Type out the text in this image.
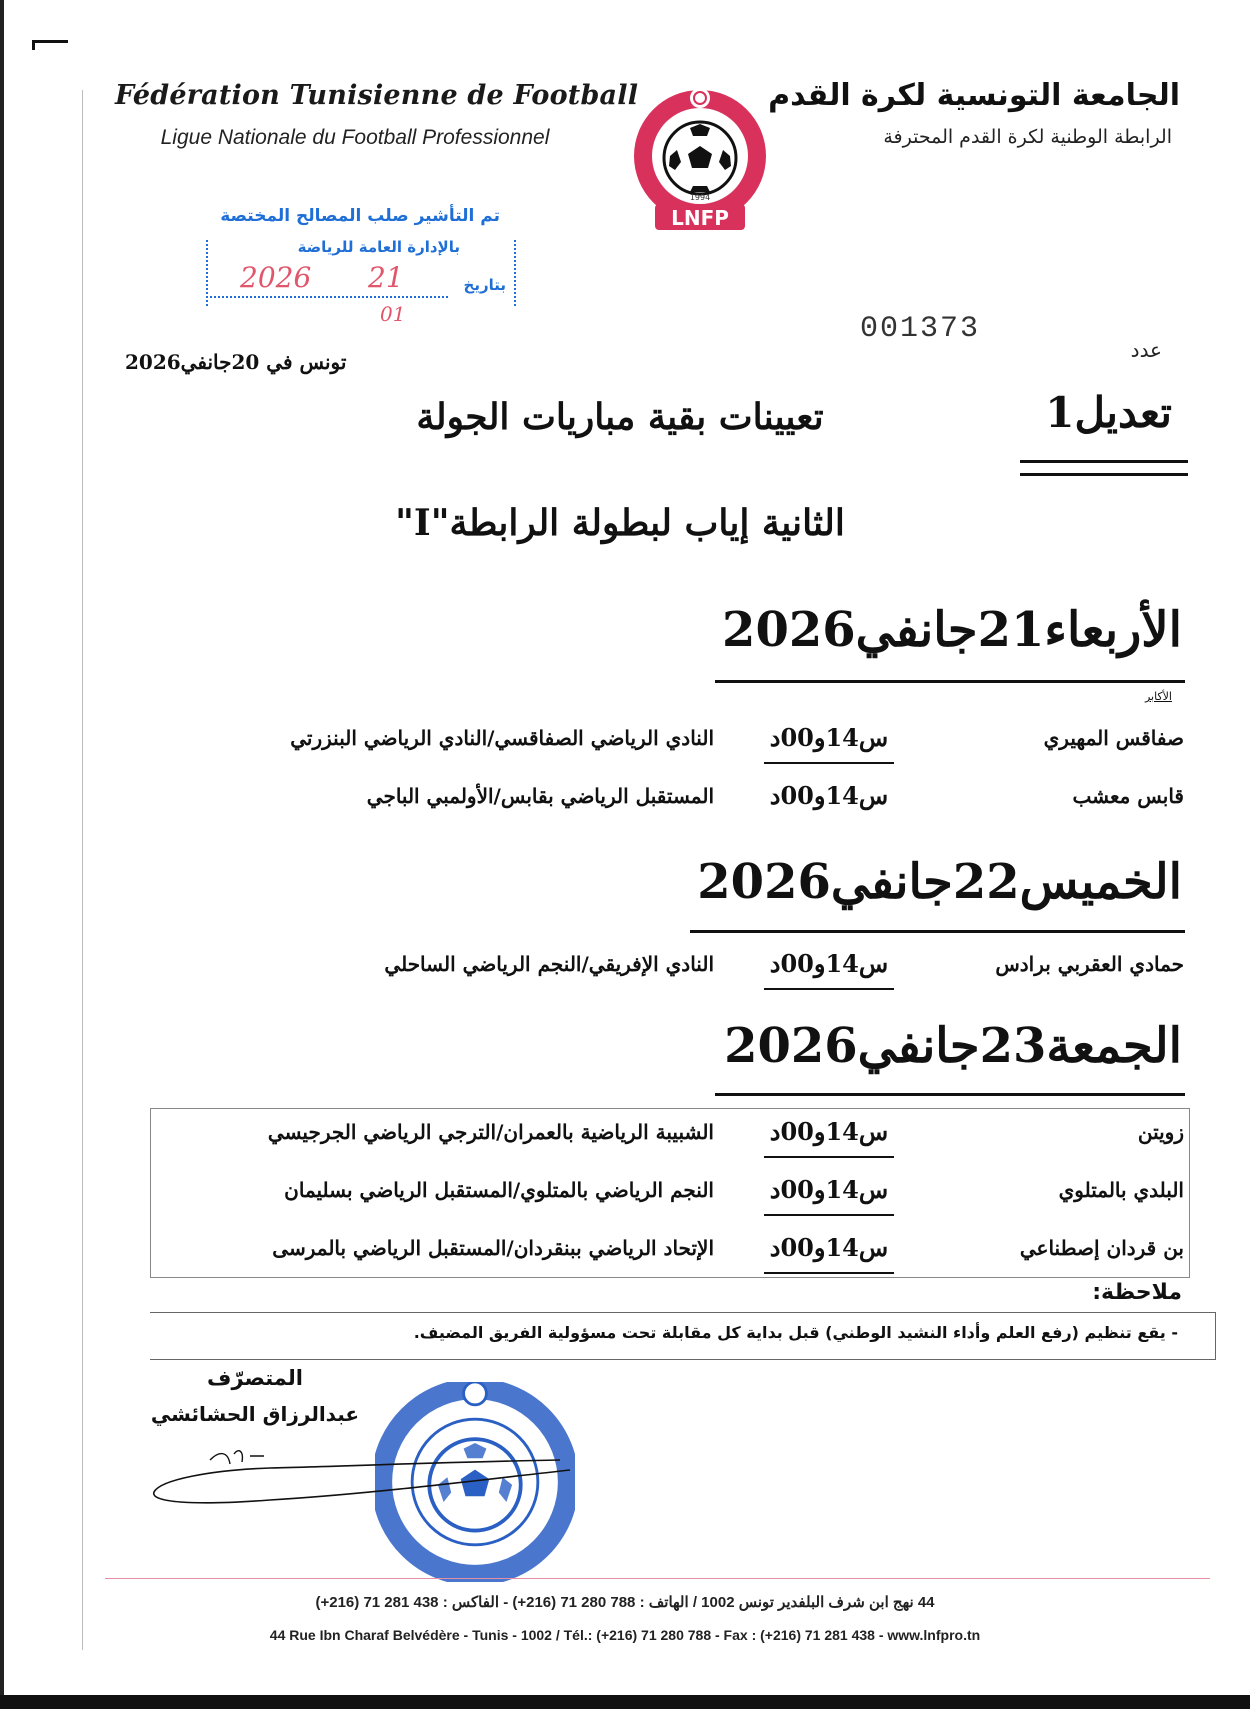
Fédération Tunisienne de Football
Ligue Nationale du Football Professionnel
1994
LNFP
الجامعة التونسية لكرة القدم
الرابطة الوطنية لكرة القدم المحترفة
تم التأشير صلب المصالح المختصة
بالإدارة العامة للرياضة
بتاريخ
2026 21
01	001373
عدد
تونس في 20جانفي2026
تعديل1
تعيينات بقية مباريات الجولة
الثانية إياب لبطولة الرابطة"I"
الأربعاء21جانفي2026
الأكابر
صفاقس المهيري
س14و00د
النادي الرياضي الصفاقسي/النادي الرياضي البنزرتي
قابس معشب
س14و00د
المستقبل الرياضي بقابس/الأولمبي الباجي
الخميس22جانفي2026
حمادي العقربي برادس
س14و00د
النادي الإفريقي/النجم الرياضي الساحلي
الجمعة23جانفي2026
زويتن
س14و00د
الشبيبة الرياضية بالعمران/الترجي الرياضي الجرجيسي
البلدي بالمتلوي
س14و00د
النجم الرياضي بالمتلوي/المستقبل الرياضي بسليمان
بن قردان إصطناعي
س14و00د
الإتحاد الرياضي ببنقردان/المستقبل الرياضي بالمرسى
ملاحظة:
- يقع تنظيم (رفع العلم وأداء النشيد الوطني) قبل بداية كل مقابلة تحت مسؤولية الفريق المضيف.
المتصرّف
عبدالرزاق الحشائشي
44 نهج ابن شرف البلفدير تونس 1002 / الهاتف : 788 280 71 (216+) - الفاكس : 438 281 71 (216+)
44 Rue Ibn Charaf Belvédère - Tunis - 1002 / Tél.: (+216) 71 280 788 - Fax : (+216) 71 281 438 - www.lnfpro.tn
